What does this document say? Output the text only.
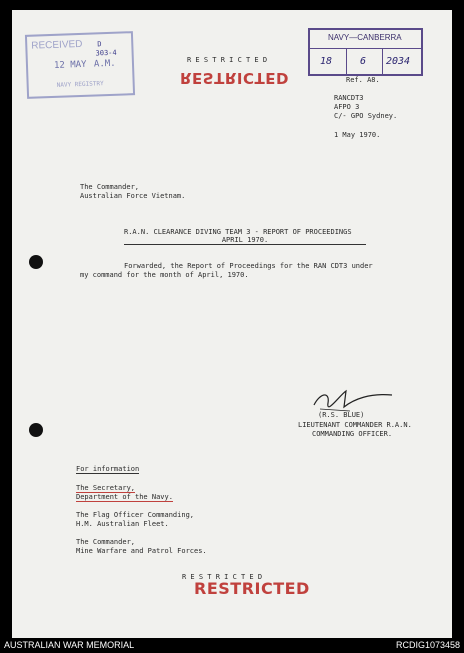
RECEIVED D
303-4
12 MAY A.M.
NAVY REGISTRY
R E S T R I C T E D
RESTRICTED
NAVY—CANBERRA
18	6 2034
Ref. A8.
RANCDT3
AFPO 3
C/- GPO Sydney.
1 May 1970.
The Commander,
Australian Force Vietnam.
R.A.N. CLEARANCE DIVING TEAM 3 - REPORT OF PROCEEDINGS
APRIL 1970.
Forwarded, the Report of Proceedings for the RAN CDT3 under
my command for the month of April, 1970.
(R.S. BLUE)
LIEUTENANT COMMANDER R.A.N.
COMMANDING OFFICER.
For information
The Secretary,
Department of the Navy.
The Flag Officer Commanding,
H.M. Australian Fleet.
The Commander,
Mine Warfare and Patrol Forces.
R E S T R I C T E D
RESTRICTED
AUSTRALIAN WAR MEMORIAL	RCDIG1073458
